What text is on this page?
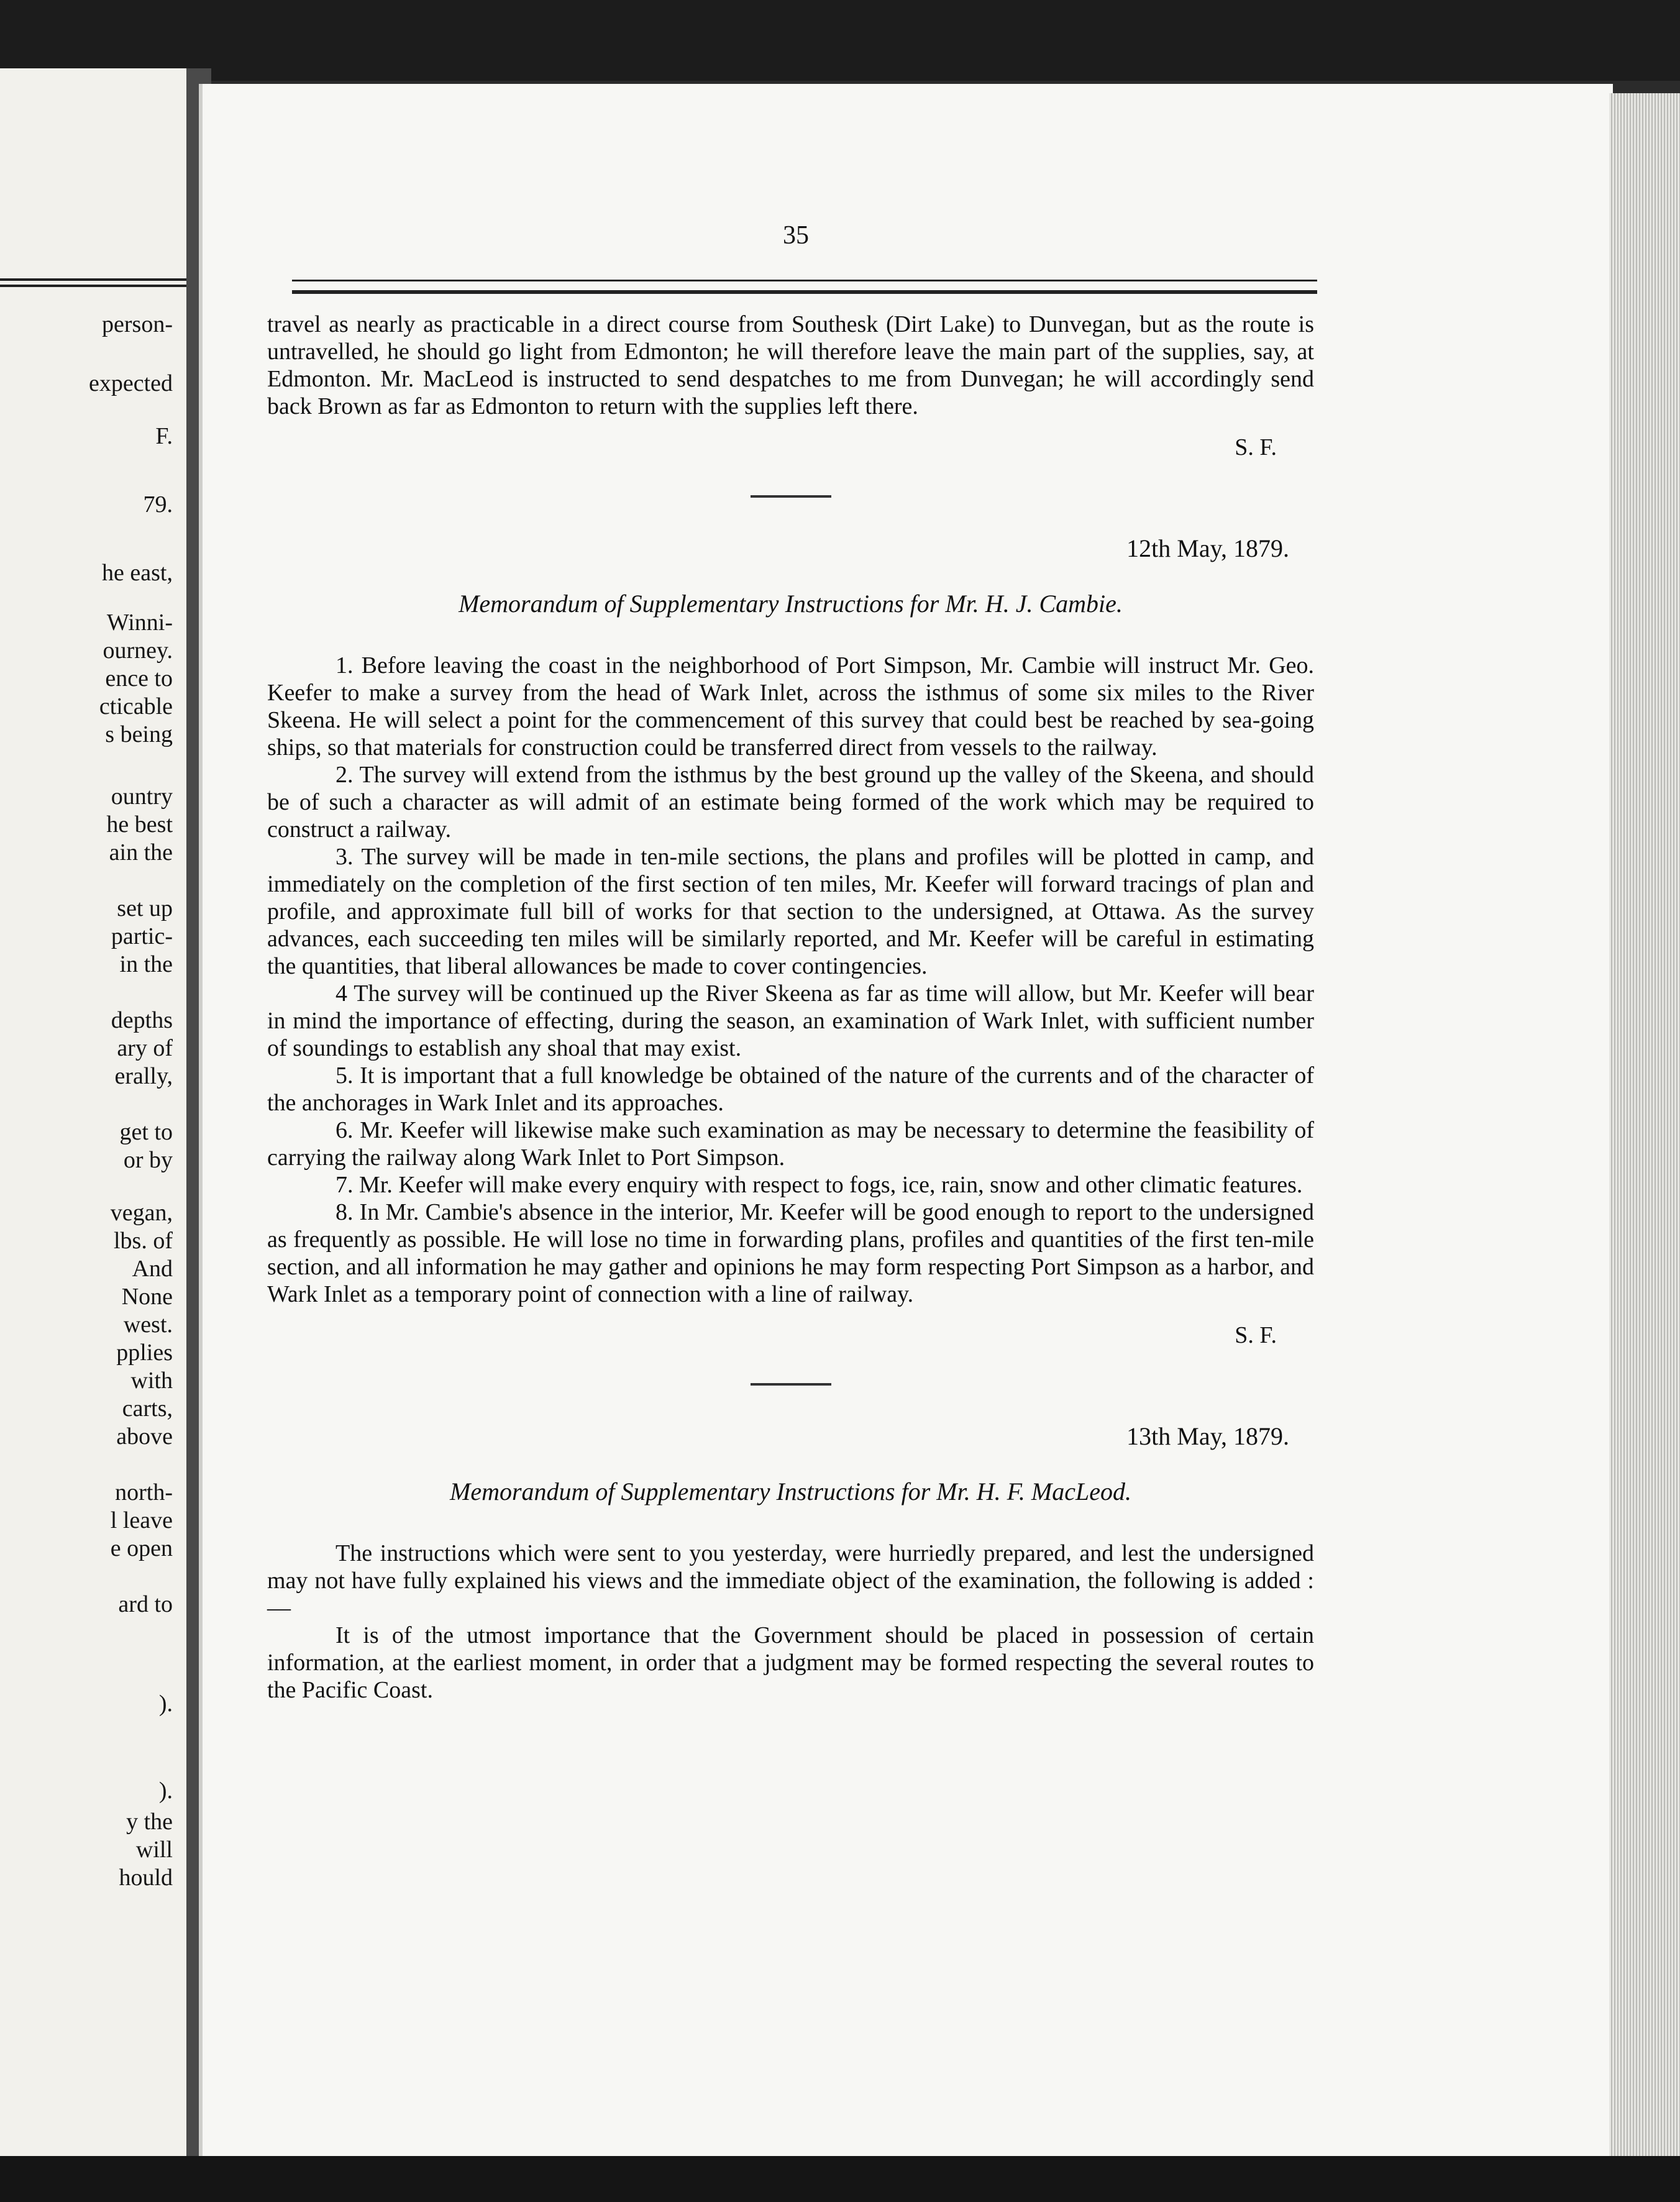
person-
expected
F.
79.
he east,
Winni-
ourney.
ence to
cticable
s being
ountry
he best
ain the
set up
partic-
in the
depths
ary of
erally,
get to
or by
vegan,
lbs. of
And
None
west.
pplies
with
carts,
above
north-
l leave
e open
ard to
).
).
y the
will
hould
35

travel as nearly as practicable in a direct course from Southesk (Dirt Lake) to Dunvegan, but as the route is untravelled, he should go light from Edmonton; he will therefore leave the main part of the supplies, say, at Edmonton. Mr. MacLeod is instructed to send despatches to me from Dunvegan; he will accordingly send back Brown as far as Edmonton to return with the supplies left there.

S. F.

12th May, 1879.

Memorandum of Supplementary Instructions for Mr. H. J. Cambie.

1. Before leaving the coast in the neighborhood of Port Simpson, Mr. Cambie will instruct Mr. Geo. Keefer to make a survey from the head of Wark Inlet, across the isthmus of some six miles to the River Skeena. He will select a point for the commencement of this survey that could best be reached by sea-going ships, so that materials for construction could be transferred direct from vessels to the railway.

2. The survey will extend from the isthmus by the best ground up the valley of the Skeena, and should be of such a character as will admit of an estimate being formed of the work which may be required to construct a railway.

3. The survey will be made in ten-mile sections, the plans and profiles will be plotted in camp, and immediately on the completion of the first section of ten miles, Mr. Keefer will forward tracings of plan and profile, and approximate full bill of works for that section to the undersigned, at Ottawa. As the survey advances, each succeeding ten miles will be similarly reported, and Mr. Keefer will be careful in estimating the quantities, that liberal allowances be made to cover contingencies.

4 The survey will be continued up the River Skeena as far as time will allow, but Mr. Keefer will bear in mind the importance of effecting, during the season, an examination of Wark Inlet, with sufficient number of soundings to establish any shoal that may exist.

5. It is important that a full knowledge be obtained of the nature of the currents and of the character of the anchorages in Wark Inlet and its approaches.

6. Mr. Keefer will likewise make such examination as may be necessary to determine the feasibility of carrying the railway along Wark Inlet to Port Simpson.

7. Mr. Keefer will make every enquiry with respect to fogs, ice, rain, snow and other climatic features.

8. In Mr. Cambie's absence in the interior, Mr. Keefer will be good enough to report to the undersigned as frequently as possible. He will lose no time in forwarding plans, profiles and quantities of the first ten-mile section, and all information he may gather and opinions he may form respecting Port Simpson as a harbor, and Wark Inlet as a temporary point of connection with a line of railway.

S. F.

13th May, 1879.

Memorandum of Supplementary Instructions for Mr. H. F. MacLeod.

The instructions which were sent to you yesterday, were hurriedly prepared, and lest the undersigned may not have fully explained his views and the immediate object of the examination, the following is added :—

It is of the utmost importance that the Government should be placed in possession of certain information, at the earliest moment, in order that a judgment may be formed respecting the several routes to the Pacific Coast.
